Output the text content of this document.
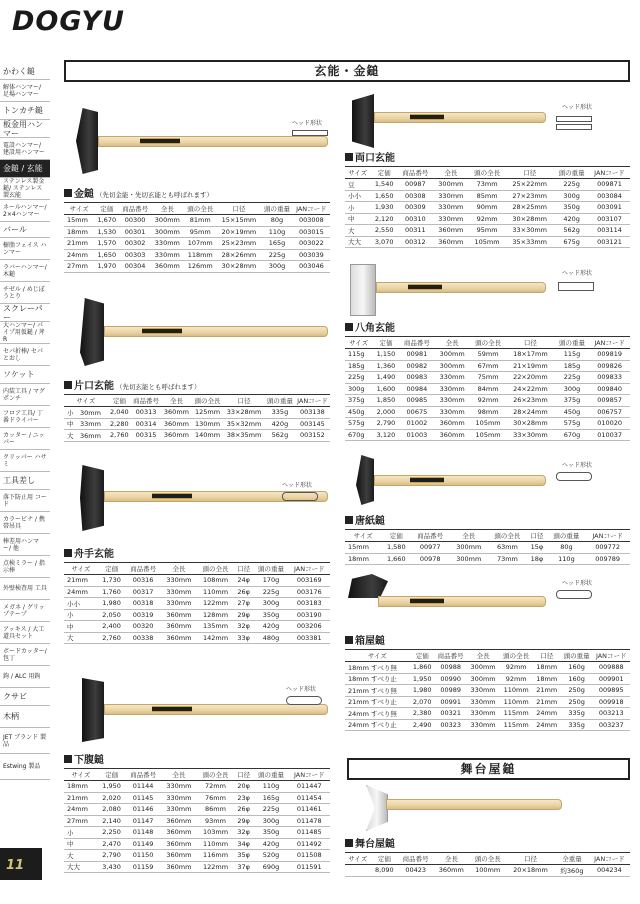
DOGYU
かわく鎚
解体ハンマー/ 足場ハンマー
トンカチ鎚
板金用ハンマー
電設ハンマー/ 建設用ハンマー
金鎚 / 玄能
ステンレス製金鎚/ ステンレス製玄能
ネールハンマー/ 2×4ハンマー
バール
樹脂フェイス ハンマー
ラバーハンマー/ 木鎚
チゼル / めじぼうとり
スクレーパー
大ハンマー/ パイプ用仮鎚 / 斧R
セパ折棒/ セパとおし
ソケット
内装工具 / マグポンチ
フロア工具/ 丁番ドライバー
カッター / ニッパー
クリッパー ハサミ
工具差し
落下防止用 コード
カラービナ / 携帯吊具
棒差用ハンマー/ 他
点検ミラー / 指示棒
外壁検査用 工具
メガネ / グリップテープ
アッキス / 大工道具セット
ボードカッター/ 包丁
鉤 / ALC 用鉤
クサビ
木柄
JET ブランド 製品
Estwing 製品
11
玄能・金鎚
ヘッド形状
金鎚 （先切金能・先切玄能とも呼ばれます）
サイズ	定価	商品番号	全長	頭の全長	口径	頭の重量	JANコード
15mm	1,670	00300	300mm	81mm	15×15mm	80g	003008
18mm	1,530	00301	300mm	95mm	20×19mm	110g	003015
21mm	1,570	00302	330mm	107mm	25×23mm	165g	003022
24mm	1,650	00303	330mm	118mm	28×26mm	225g	003039
27mm	1,970	00304	360mm	126mm	30×28mm	300g	003046
片口玄能 （先切玄能とも呼ばれます）
サイズ	定価	商品番号	全長	頭の全長	口径	頭の重量	JANコード
小　30mm	2,040	00313	360mm	125mm	33×28mm	335g	003138
中　33mm	2,280	00314	360mm	130mm	35×32mm	420g	003145
大　36mm	2,760	00315	360mm	140mm	38×35mm	562g	003152
ヘッド形状
舟手玄能
サイズ	定価	商品番号	全長	頭の全長	口径	頭の重量	JANコード
21mm	1,730	00316	330mm	108mm	24φ	170g	003169
24mm	1,760	00317	330mm	110mm	26φ	225g	003176
小小	1,980	00318	330mm	122mm	27φ	300g	003183
小	2,050	00319	360mm	128mm	29φ	350g	003190
中	2,400	00320	360mm	135mm	32φ	420g	003206
大	2,760	00338	360mm	142mm	33φ	480g	003381
ヘッド形状
下腹鎚
サイズ	定価	商品番号	全長	頭の全長	口径	頭の重量	JANコード
18mm	1,950	01144	330mm	72mm	20φ	110g	011447
21mm	2,020	01145	330mm	76mm	23φ	165g	011454
24mm	2,080	01146	330mm	86mm	26φ	225g	011461
27mm	2,140	01147	360mm	93mm	29φ	300g	011478
小	2,250	01148	360mm	103mm	32φ	350g	011485
中	2,470	01149	360mm	110mm	34φ	420g	011492
大	2,790	01150	360mm	116mm	35φ	520g	011508
大大	3,430	01159	360mm	122mm	37φ	690g	011591
ヘッド形状
両口玄能
サイズ	定価	商品番号	全長	頭の全長	口径	頭の重量	JANコード
豆	1,540	00987	300mm	73mm	25×22mm	225g	009871
小小	1,650	00308	330mm	85mm	27×23mm	300g	003084
小	1,930	00309	330mm	90mm	28×25mm	350g	003091
中	2,120	00310	330mm	92mm	30×28mm	420g	003107
大	2,550	00311	360mm	95mm	33×30mm	562g	003114
大大	3,070	00312	360mm	105mm	35×33mm	675g	003121
ヘッド形状
八角玄能
サイズ	定価	商品番号	全長	頭の全長	口径	頭の重量	JANコード
115g	1,150	00981	300mm	59mm	18×17mm	115g	009819
185g	1,360	00982	300mm	67mm	21×19mm	185g	009826
225g	1,490	00983	330mm	75mm	22×20mm	225g	009833
300g	1,600	00984	330mm	84mm	24×22mm	300g	009840
375g	1,850	00985	330mm	92mm	26×23mm	375g	009857
450g	2,000	00675	330mm	98mm	28×24mm	450g	006757
575g	2,790	01002	360mm	105mm	30×28mm	575g	010020
670g	3,120	01003	360mm	105mm	33×30mm	670g	010037
ヘッド形状
唐紙鎚
サイズ	定価	商品番号	全長	頭の全長	口径	頭の重量	JANコード
15mm	1,580	00977	300mm	63mm	15φ	80g	009772
18mm	1,660	00978	300mm	73mm	18φ	110g	009789
ヘッド形状
箱屋鎚
サイズ	定価	商品番号	全長	頭の全長	口径	頭の重量	JANコード
18mm すべり無	1,860	00988	300mm	92mm	18mm	160g	009888
18mm すべり止	1,950	00990	300mm	92mm	18mm	160g	009901
21mm すべり無	1,980	00989	330mm	110mm	21mm	250g	009895
21mm すべり止	2,070	00991	330mm	110mm	21mm	250g	009918
24mm すべり無	2,380	00321	330mm	115mm	24mm	335g	003213
24mm すべり止	2,490	00323	330mm	115mm	24mm	335g	003237
舞台屋鎚
舞台屋鎚
サイズ	定価	商品番号	全長	頭の全長	口径	全重量	JANコード
	8,090	00423	360mm	100mm	20×18mm	約360g	004234
